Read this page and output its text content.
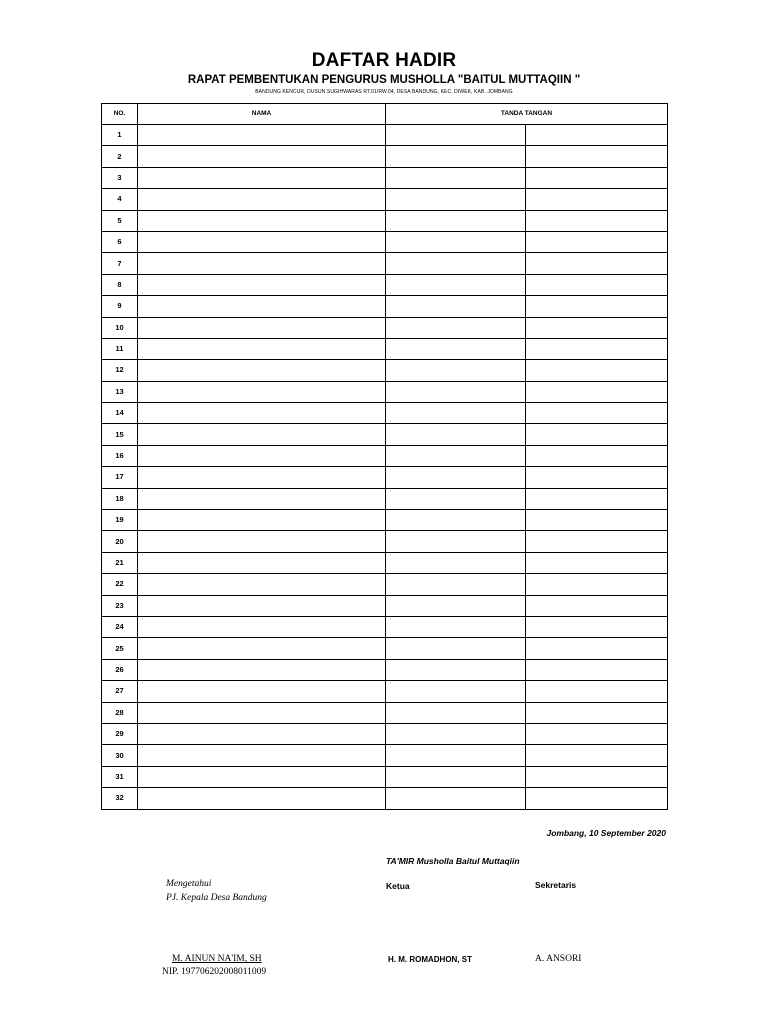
DAFTAR HADIR
RAPAT PEMBENTUKAN PENGURUS MUSHOLLA "BAITUL MUTTAQIIN "
BANDUNG KENCUR, DUSUN SUGIHWARAS RT.01/RW.04, DESA BANDUNG, KEC. DIWEK, KAB. JOMBANG
NO.	NAMA	TANDA TANGAN	
1			
2			
3			
4			
5			
6			
7			
8			
9			
10			
11			
12			
13			
14			
15			
16			
17			
18			
19			
20			
21			
22			
23			
24			
25			
26			
27			
28			
29			
30			
31			
32			
Jombang, 10 September 2020
TA'MIR Musholla Baitul Muttaqiin
Mengetahui
PJ. Kepala Desa Bandung
Ketua	Sekretaris
M. AINUN NA'IM, SH
NIP. 197706202008011009
H. M. ROMADHON, ST	A. ANSORI
